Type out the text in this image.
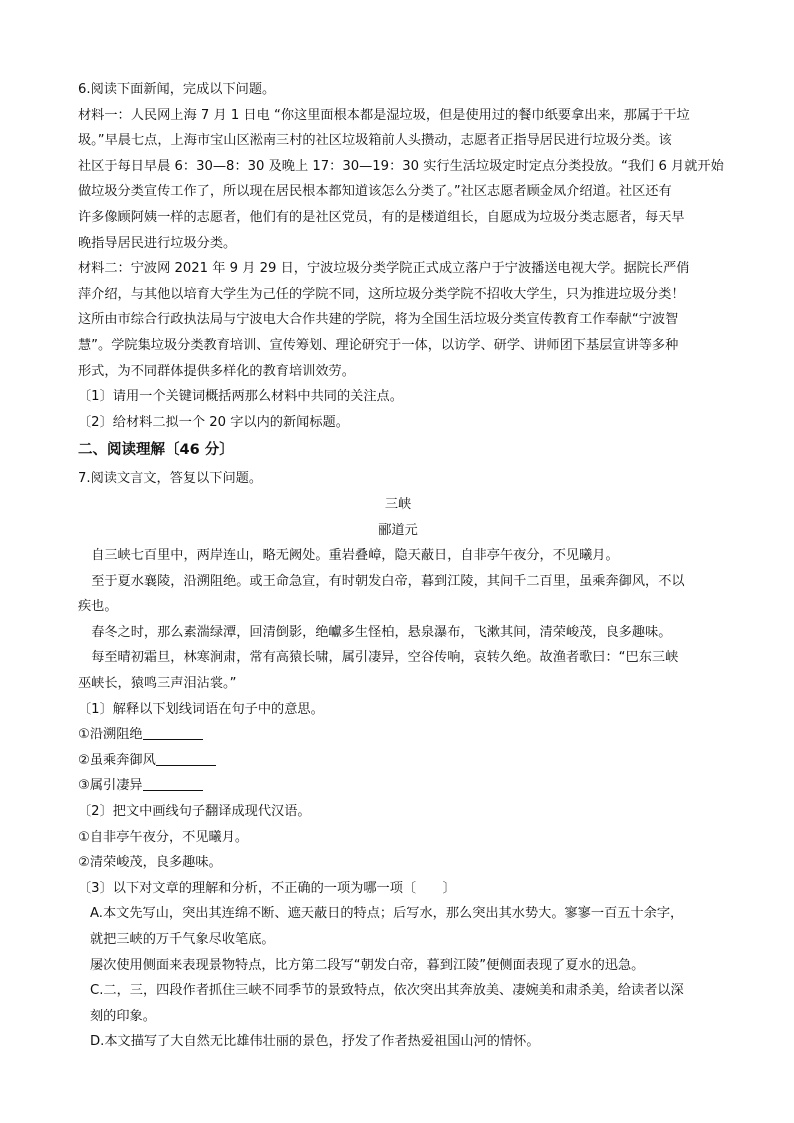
6.阅读下面新闻，完成以下问题。

材料一：人民网上海 7 月 1 日电 “你这里面根本都是湿垃圾，但是使用过的餐巾纸要拿出来，那属于干垃

圾。”早晨七点，上海市宝山区淞南三村的社区垃圾箱前人头攒动，志愿者正指导居民进行垃圾分类。该

社区于每日早晨 6：30—8：30 及晚上 17：30—19：30 实行生活垃圾定时定点分类投放。“我们 6 月就开始

做垃圾分类宣传工作了，所以现在居民根本都知道该怎么分类了。”社区志愿者顾金凤介绍道。社区还有

许多像顾阿姨一样的志愿者，他们有的是社区党员，有的是楼道组长，自愿成为垃圾分类志愿者，每天早

晚指导居民进行垃圾分类。

材料二：宁波网 2021 年 9 月 29 日，宁波垃圾分类学院正式成立落户于宁波播送电视大学。据院长严俏

萍介绍，与其他以培育大学生为己任的学院不同，这所垃圾分类学院不招收大学生，只为推进垃圾分类！

这所由市综合行政执法局与宁波电大合作共建的学院，将为全国生活垃圾分类宣传教育工作奉献“宁波智

慧”。学院集垃圾分类教育培训、宣传筹划、理论研究于一体，以访学、研学、讲师团下基层宣讲等多种

形式，为不同群体提供多样化的教育培训效劳。

〔1〕请用一个关键词概括两那么材料中共同的关注点。

〔2〕给材料二拟一个 20 字以内的新闻标题。

二、阅读理解〔46 分〕

7.阅读文言文，答复以下问题。

三峡

郦道元

自三峡七百里中，两岸连山，略无阙处。重岩叠嶂，隐天蔽日，自非亭午夜分，不见曦月。

至于夏水襄陵，沿溯阻绝。或王命急宣，有时朝发白帝，暮到江陵，其间千二百里，虽乘奔御风，不以

疾也。

春冬之时，那么素湍绿潭，回清倒影，绝巘多生怪柏，悬泉瀑布，飞漱其间，清荣峻茂，良多趣味。

每至晴初霜旦，林寒涧肃，常有高猿长啸，属引凄异，空谷传响，哀转久绝。故渔者歌曰：“巴东三峡

巫峡长，猿鸣三声泪沾裳。”

〔1〕解释以下划线词语在句子中的意思。

①沿溯阻绝

②虽乘奔御风

③属引凄异

〔2〕把文中画线句子翻译成现代汉语。

①自非亭午夜分，不见曦月。

②清荣峻茂，良多趣味。

〔3〕以下对文章的理解和分析，不正确的一项为哪一项〔　　〕

A.本文先写山，突出其连绵不断、遮天蔽日的特点；后写水，那么突出其水势大。寥寥一百五十余字，

就把三峡的万千气象尽收笔底。

屡次使用侧面来表现景物特点，比方第二段写“朝发白帝，暮到江陵”便侧面表现了夏水的迅急。

C.二，三，四段作者抓住三峡不同季节的景致特点，依次突出其奔放美、凄婉美和肃杀美，给读者以深

刻的印象。

D.本文描写了大自然无比雄伟壮丽的景色，抒发了作者热爱祖国山河的情怀。
